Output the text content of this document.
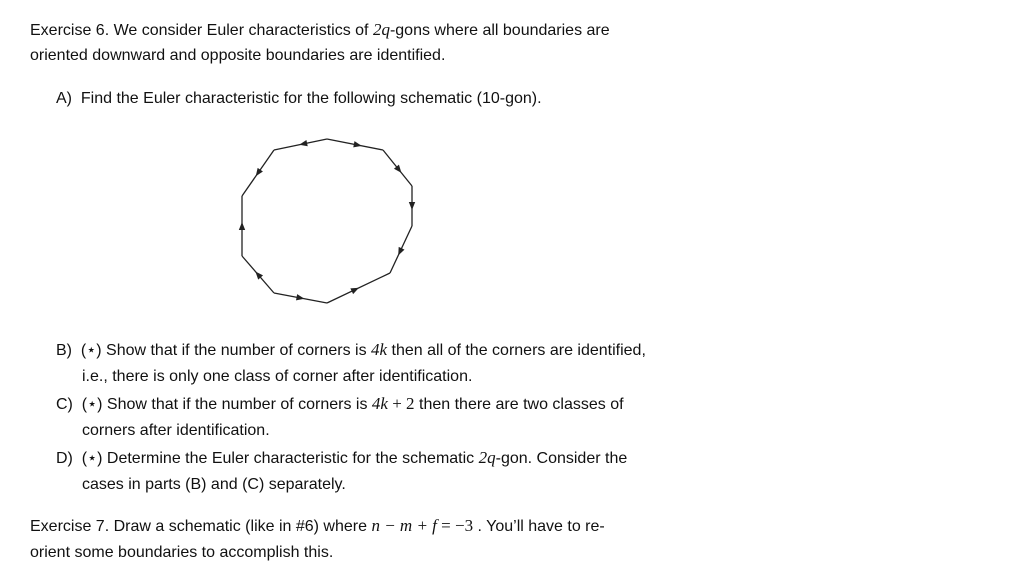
Exercise 6. We consider Euler characteristics of 2q-gons where all boundaries are
oriented downward and opposite boundaries are identified.
A) Find the Euler characteristic for the following schematic (10-gon).
B) (⋆) Show that if the number of corners is 4k then all of the corners are identified,
i.e., there is only one class of corner after identification.
C) (⋆) Show that if the number of corners is 4k + 2 then there are two classes of
corners after identification.
D) (⋆) Determine the Euler characteristic for the schematic 2q-gon. Consider the
cases in parts (B) and (C) separately.
Exercise 7. Draw a schematic (like in #6) where n − m + f = −3 . You’ll have to re-
orient some boundaries to accomplish this.
